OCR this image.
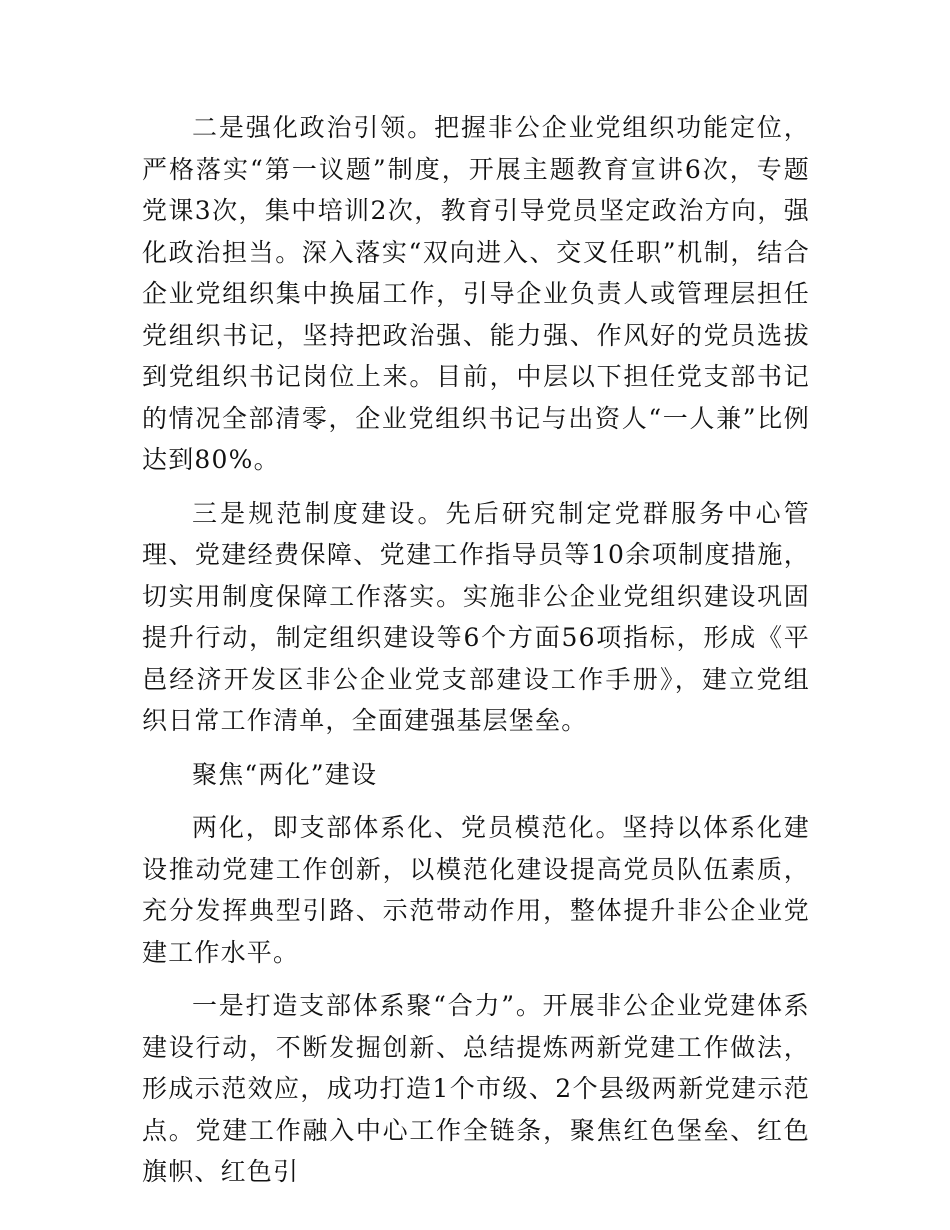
二是强化政治引领。把握非公企业党组织功能定位，严格落实“第一议题”制度，开展主题教育宣讲6次，专题党课3次，集中培训2次，教育引导党员坚定政治方向，强化政治担当。深入落实“双向进入、交叉任职”机制，结合企业党组织集中换届工作，引导企业负责人或管理层担任党组织书记，坚持把政治强、能力强、作风好的党员选拔到党组织书记岗位上来。目前，中层以下担任党支部书记的情况全部清零，企业党组织书记与出资人“一人兼”比例达到80%。

三是规范制度建设。先后研究制定党群服务中心管理、党建经费保障、党建工作指导员等10余项制度措施，切实用制度保障工作落实。实施非公企业党组织建设巩固提升行动，制定组织建设等6个方面56项指标，形成《平邑经济开发区非公企业党支部建设工作手册》，建立党组织日常工作清单，全面建强基层堡垒。

聚焦“两化”建设

两化，即支部体系化、党员模范化。坚持以体系化建设推动党建工作创新，以模范化建设提高党员队伍素质，充分发挥典型引路、示范带动作用，整体提升非公企业党建工作水平。

一是打造支部体系聚“合力”。开展非公企业党建体系建设行动，不断发掘创新、总结提炼两新党建工作做法，形成示范效应，成功打造1个市级、2个县级两新党建示范点。党建工作融入中心工作全链条，聚焦红色堡垒、红色旗帜、红色引
